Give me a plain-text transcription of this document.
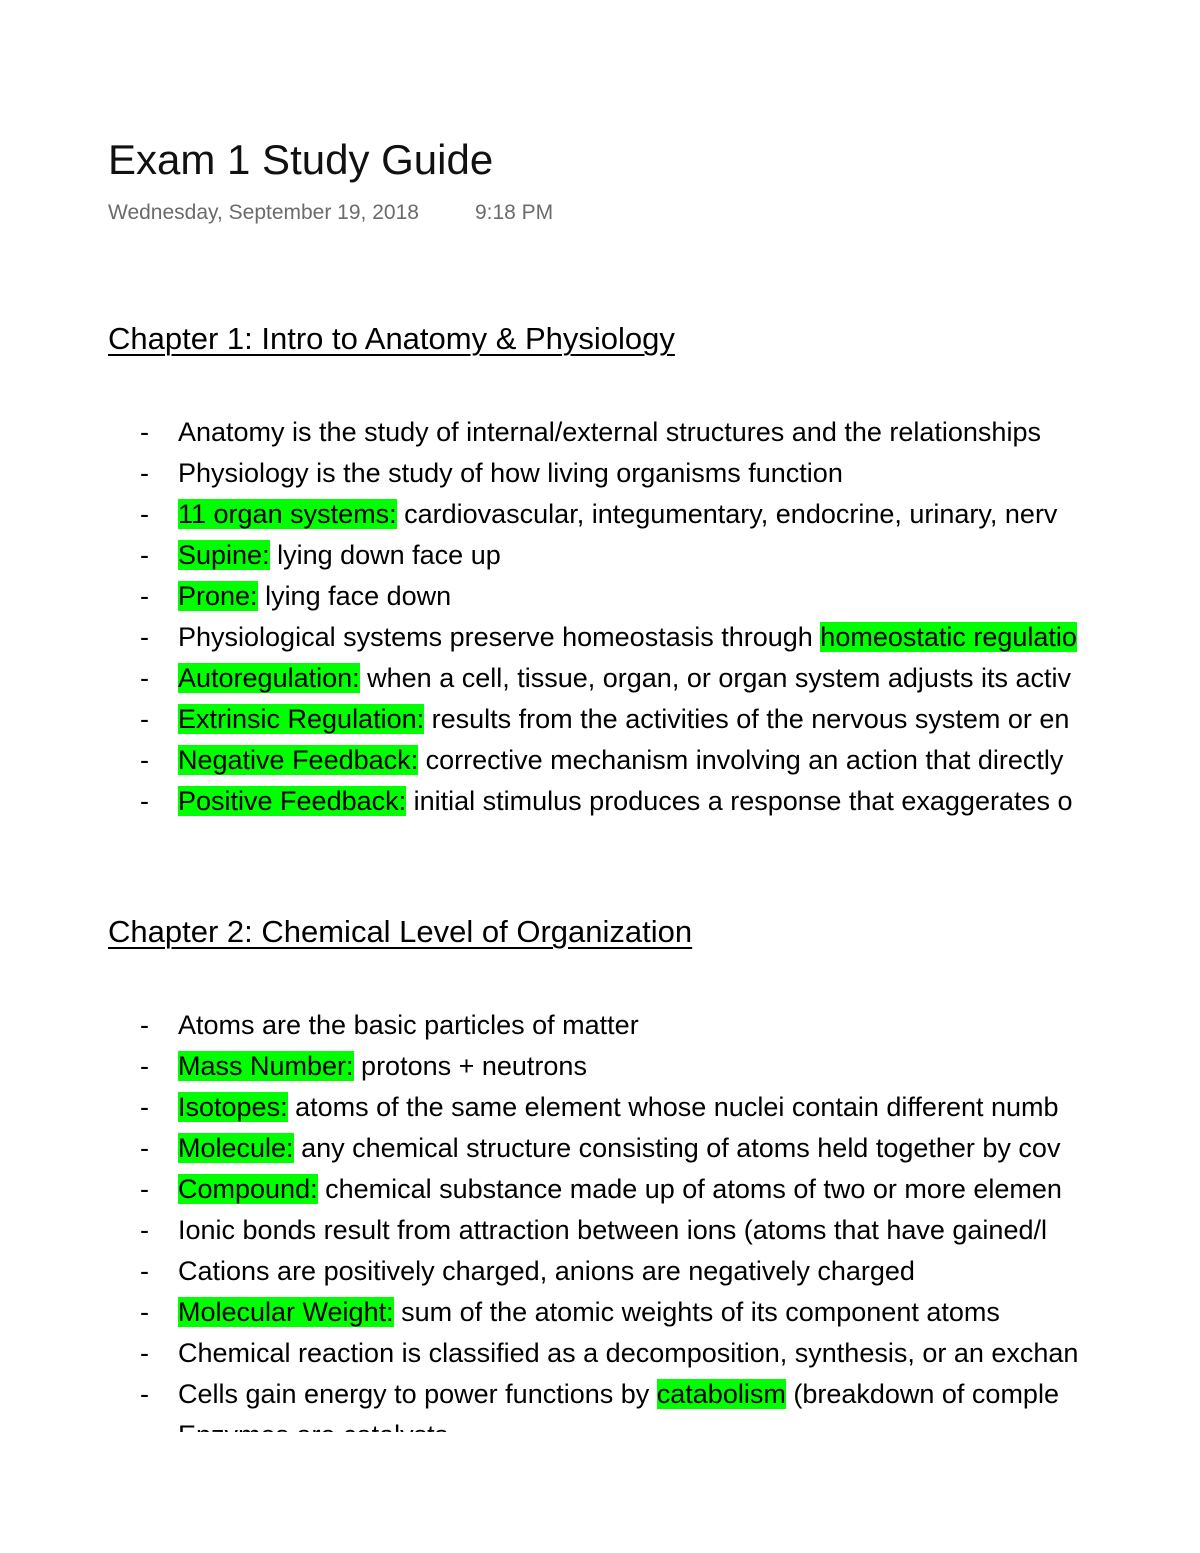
Exam 1 Study Guide
Wednesday, September 19, 2018	9:18 PM
Chapter 1: Intro to Anatomy & Physiology
- Anatomy is the study of internal/external structures and the relationships
- Physiology is the study of how living organisms function
- 11 organ systems: cardiovascular, integumentary, endocrine, urinary, nerv
- Supine: lying down face up
- Prone: lying face down
- Physiological systems preserve homeostasis through homeostatic regulatio
- Autoregulation: when a cell, tissue, organ, or organ system adjusts its activ
- Extrinsic Regulation: results from the activities of the nervous system or en
- Negative Feedback: corrective mechanism involving an action that directly
- Positive Feedback: initial stimulus produces a response that exaggerates o
Chapter 2: Chemical Level of Organization
- Atoms are the basic particles of matter
- Mass Number: protons + neutrons
- Isotopes: atoms of the same element whose nuclei contain different numb
- Molecule: any chemical structure consisting of atoms held together by cov
- Compound: chemical substance made up of atoms of two or more elemen
- Ionic bonds result from attraction between ions (atoms that have gained/l
- Cations are positively charged, anions are negatively charged
- Molecular Weight: sum of the atomic weights of its component atoms
- Chemical reaction is classified as a decomposition, synthesis, or an exchan
- Cells gain energy to power functions by catabolism (breakdown of comple
